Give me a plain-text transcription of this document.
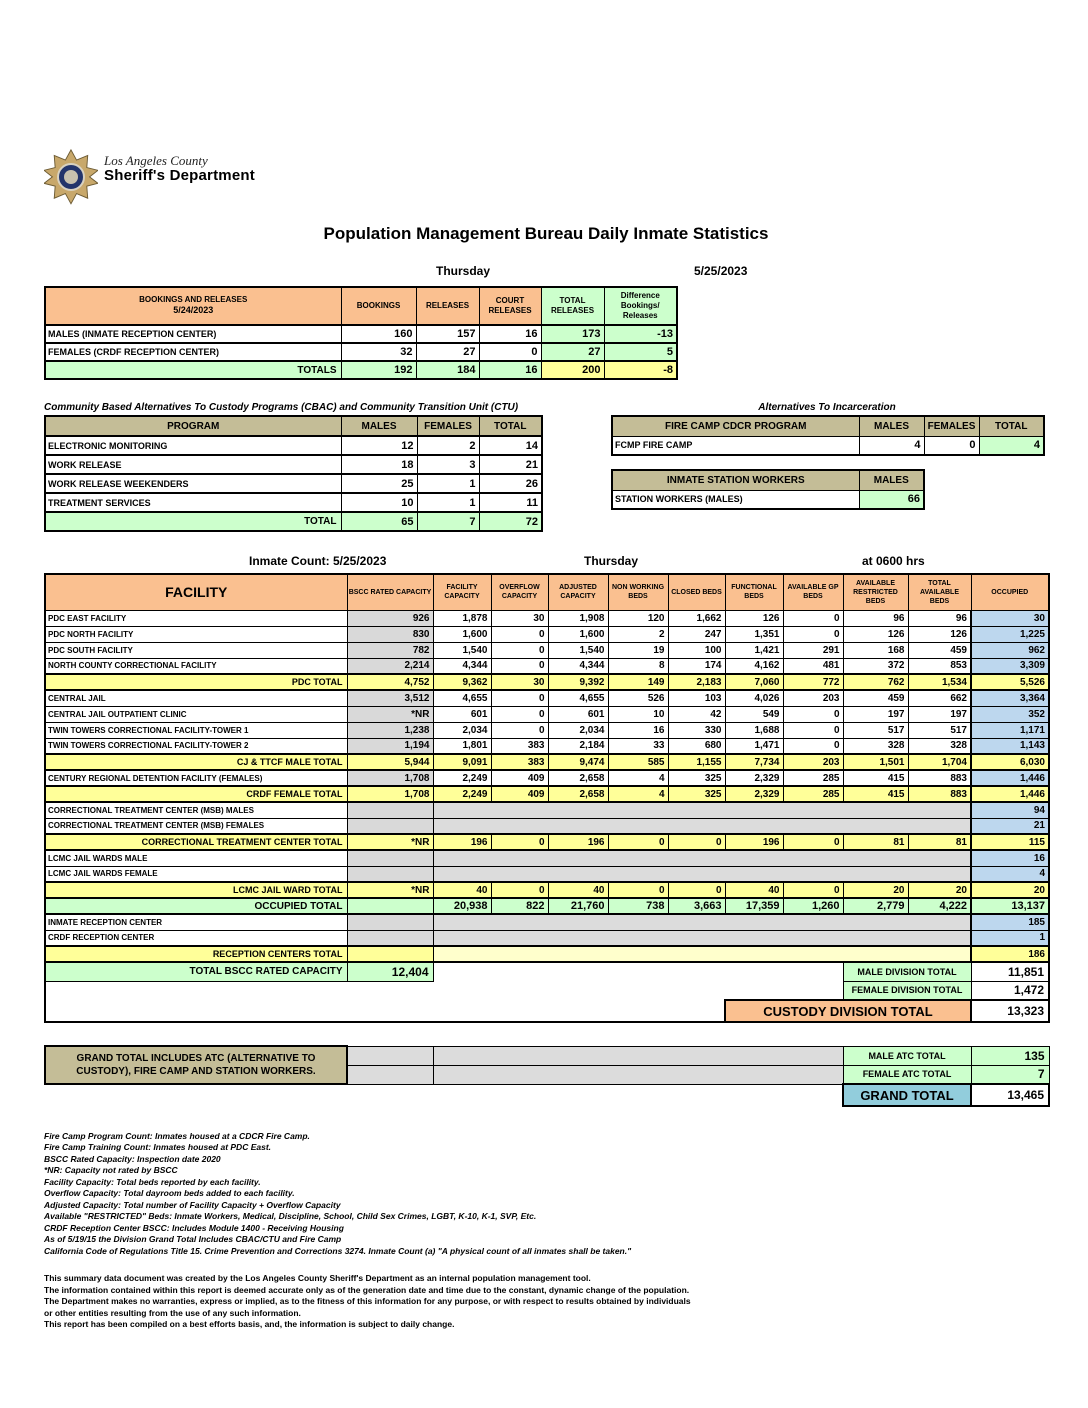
Los Angeles County
Sheriff's Department
Population Management Bureau Daily Inmate Statistics
Thursday	5/25/2023
BOOKINGS AND RELEASES
5/24/2023	BOOKINGS	RELEASES	COURT RELEASES	TOTAL RELEASES	Difference Bookings/ Releases
MALES (INMATE RECEPTION CENTER)	160	157	16	173	-13
FEMALES (CRDF RECEPTION CENTER)	32	27	0	27	5
TOTALS	192	184	16	200	-8
Community Based Alternatives To Custody Programs (CBAC) and Community Transition Unit (CTU)
PROGRAM	MALES	FEMALES	TOTAL
ELECTRONIC MONITORING	12	2	14
WORK RELEASE	18	3	21
WORK RELEASE WEEKENDERS	25	1	26
TREATMENT SERVICES	10	1	11
TOTAL	65	7	72
Alternatives To Incarceration
FIRE CAMP CDCR PROGRAM	MALES	FEMALES	TOTAL
FCMP FIRE CAMP	4	0	4
INMATE STATION WORKERS	MALES
STATION WORKERS (MALES)	66
Inmate Count: 5/25/2023	Thursday	at 0600 hrs
FACILITY	BSCC RATED CAPACITY	FACILITY CAPACITY	OVERFLOW CAPACITY	ADJUSTED CAPACITY	NON WORKING BEDS	CLOSED BEDS	FUNCTIONAL BEDS	AVAILABLE GP BEDS	AVAILABLE RESTRICTED BEDS	TOTAL AVAILABLE BEDS	OCCUPIED
PDC EAST FACILITY	926	1,878	30	1,908	120	1,662	126	0	96	96	30
PDC NORTH FACILITY	830	1,600	0	1,600	2	247	1,351	0	126	126	1,225
PDC SOUTH FACILITY	782	1,540	0	1,540	19	100	1,421	291	168	459	962
NORTH COUNTY CORRECTIONAL FACILITY	2,214	4,344	0	4,344	8	174	4,162	481	372	853	3,309
PDC TOTAL	4,752	9,362	30	9,392	149	2,183	7,060	772	762	1,534	5,526
CENTRAL JAIL	3,512	4,655	0	4,655	526	103	4,026	203	459	662	3,364
CENTRAL JAIL OUTPATIENT CLINIC	*NR	601	0	601	10	42	549	0	197	197	352
TWIN TOWERS CORRECTIONAL FACILITY-TOWER 1	1,238	2,034	0	2,034	16	330	1,688	0	517	517	1,171
TWIN TOWERS CORRECTIONAL FACILITY-TOWER 2	1,194	1,801	383	2,184	33	680	1,471	0	328	328	1,143
CJ & TTCF MALE TOTAL	5,944	9,091	383	9,474	585	1,155	7,734	203	1,501	1,704	6,030
CENTURY REGIONAL DETENTION FACILITY (FEMALES)	1,708	2,249	409	2,658	4	325	2,329	285	415	883	1,446
CRDF FEMALE TOTAL	1,708	2,249	409	2,658	4	325	2,329	285	415	883	1,446
CORRECTIONAL TREATMENT CENTER (MSB) MALES											94
CORRECTIONAL TREATMENT CENTER (MSB) FEMALES											21
CORRECTIONAL TREATMENT CENTER TOTAL	*NR	196	0	196	0	0	196	0	81	81	115
LCMC JAIL WARDS MALE											16
LCMC JAIL WARDS FEMALE											4
LCMC JAIL WARD TOTAL	*NR	40	0	40	0	0	40	0	20	20	20
OCCUPIED TOTAL		20,938	822	21,760	738	3,663	17,359	1,260	2,779	4,222	13,137
INMATE RECEPTION CENTER											185
CRDF RECEPTION CENTER											1
RECEPTION CENTERS TOTAL											186
TOTAL BSCC RATED CAPACITY	12,404								MALE DIVISION TOTAL		11,851
									FEMALE DIVISION TOTAL		1,472
							CUSTODY DIVISION TOTAL				13,323
GRAND TOTAL INCLUDES ATC (ALTERNATIVE TO
CUSTODY), FIRE CAMP AND STATION WORKERS.			MALE ATC TOTAL	135
			FEMALE ATC TOTAL	7
			GRAND TOTAL	13,465
Fire Camp Program Count: Inmates housed at a CDCR Fire Camp.
Fire Camp Training Count: Inmates housed at PDC East.
BSCC Rated Capacity: Inspection date 2020
*NR: Capacity not rated by BSCC
Facility Capacity: Total beds reported by each facility.
Overflow Capacity: Total dayroom beds added to each facility.
Adjusted Capacity: Total number of Facility Capacity + Overflow Capacity
Available "RESTRICTED" Beds: Inmate Workers, Medical, Discipline, School, Child Sex Crimes, LGBT, K-10, K-1, SVP, Etc.
CRDF Reception Center BSCC: Includes Module 1400 - Receiving Housing
As of 5/19/15 the Division Grand Total Includes CBAC/CTU and Fire Camp
California Code of Regulations Title 15. Crime Prevention and Corrections 3274. Inmate Count (a) "A physical count of all inmates shall be taken."
This summary data document was created by the Los Angeles County Sheriff's Department as an internal population management tool.
The information contained within this report is deemed accurate only as of the generation date and time due to the constant, dynamic change of the population.
The Department makes no warranties, express or implied, as to the fitness of this information for any purpose, or with respect to results obtained by individuals
or other entities resulting from the use of any such information.
This report has been compiled on a best efforts basis, and, the information is subject to daily change.
